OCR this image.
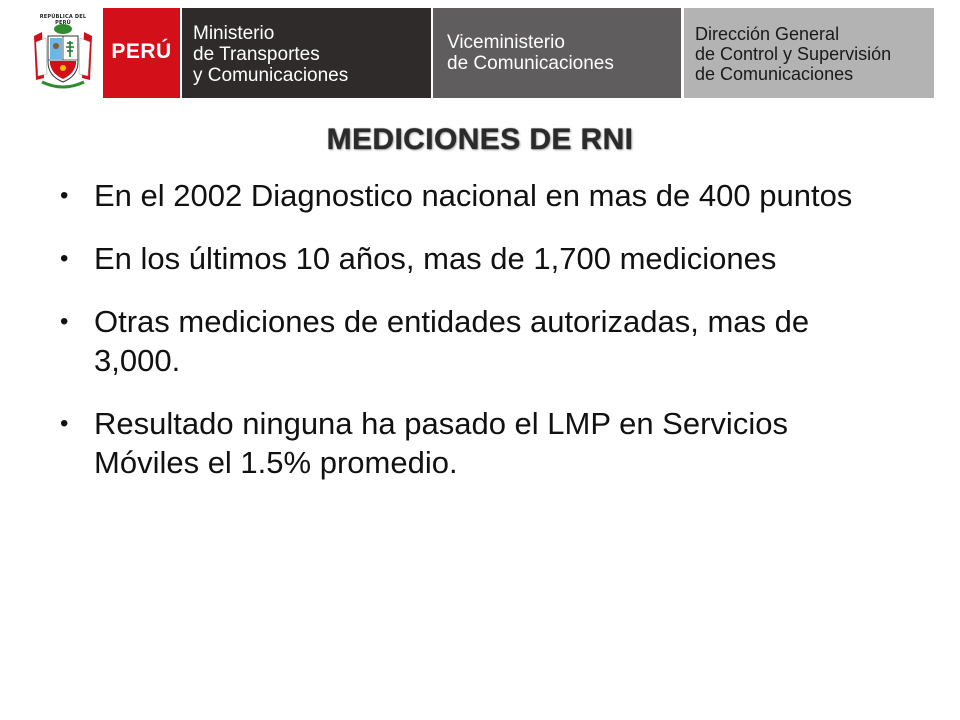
REPÚBLICA DEL PERÚ
PERÚ
Ministerio
de Transportes
y Comunicaciones
Viceministerio
de Comunicaciones
Dirección General
de Control y Supervisión
de Comunicaciones
MEDICIONES DE RNI
• En el 2002 Diagnostico nacional en mas de 400 puntos
• En los últimos 10 años, mas de 1,700 mediciones
• Otras mediciones de entidades autorizadas, mas de 3,000.
• Resultado ninguna ha pasado el LMP en Servicios Móviles el 1.5% promedio.
